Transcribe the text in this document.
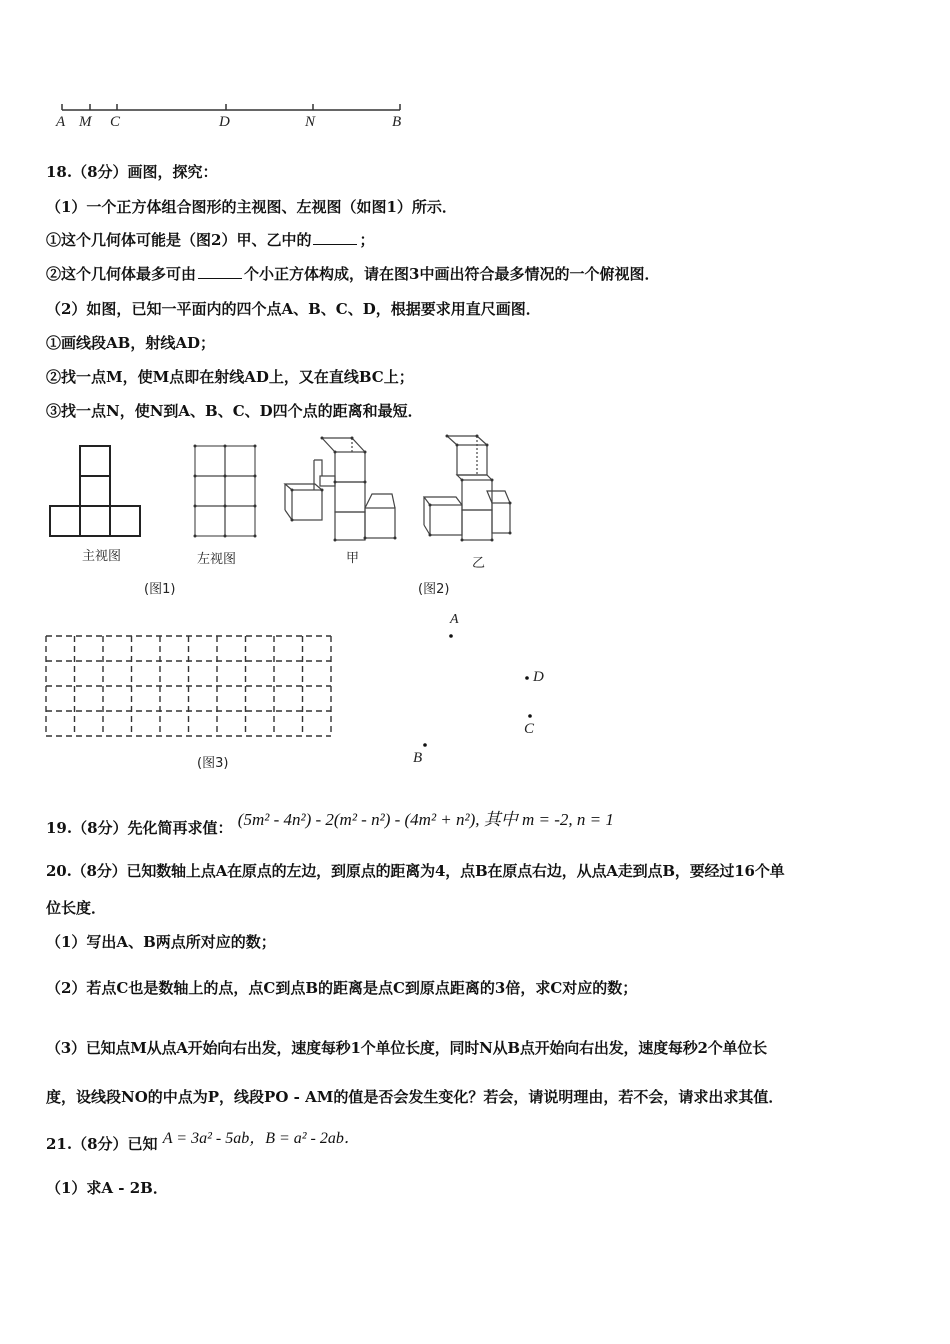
A M C	D	N	B
18.（8分）画图，探究：
（1）一个正方体组合图形的主视图、左视图（如图1）所示．
①这个几何体可能是（图2）甲、乙中的	；
②这个几何体最多可由	个小正方体构成，请在图3中画出符合最多情况的一个俯视图．
（2）如图，已知一平面内的四个点A、B、C、D，根据要求用直尺画图．
①画线段AB，射线AD；
②找一点M，使M点即在射线AD上，又在直线BC上；
③找一点N，使N到A、B、C、D四个点的距离和最短．
主视图	左视图	甲	乙
(图1)	(图2)
(图3)
A
D
C
B
19.（8分）先化简再求值： (5m² - 4n²) - 2(m² - n²) - (4m² + n²), 其中 m = -2, n = 1
20.（8分）已知数轴上点A在原点的左边，到原点的距离为4，点B在原点右边，从点A走到点B，要经过16个单
位长度．
（1）写出A、B两点所对应的数；
（2）若点C也是数轴上的点，点C到点B的距离是点C到原点距离的3倍，求C对应的数；
（3）已知点M从点A开始向右出发，速度每秒1个单位长度，同时N从B点开始向右出发，速度每秒2个单位长
度，设线段NO的中点为P，线段PO - AM的值是否会发生变化？若会，请说明理由，若不会，请求出求其值．
21.（8分）已知 A = 3a² - 5ab，B = a² - 2ab．
（1）求A - 2B．
